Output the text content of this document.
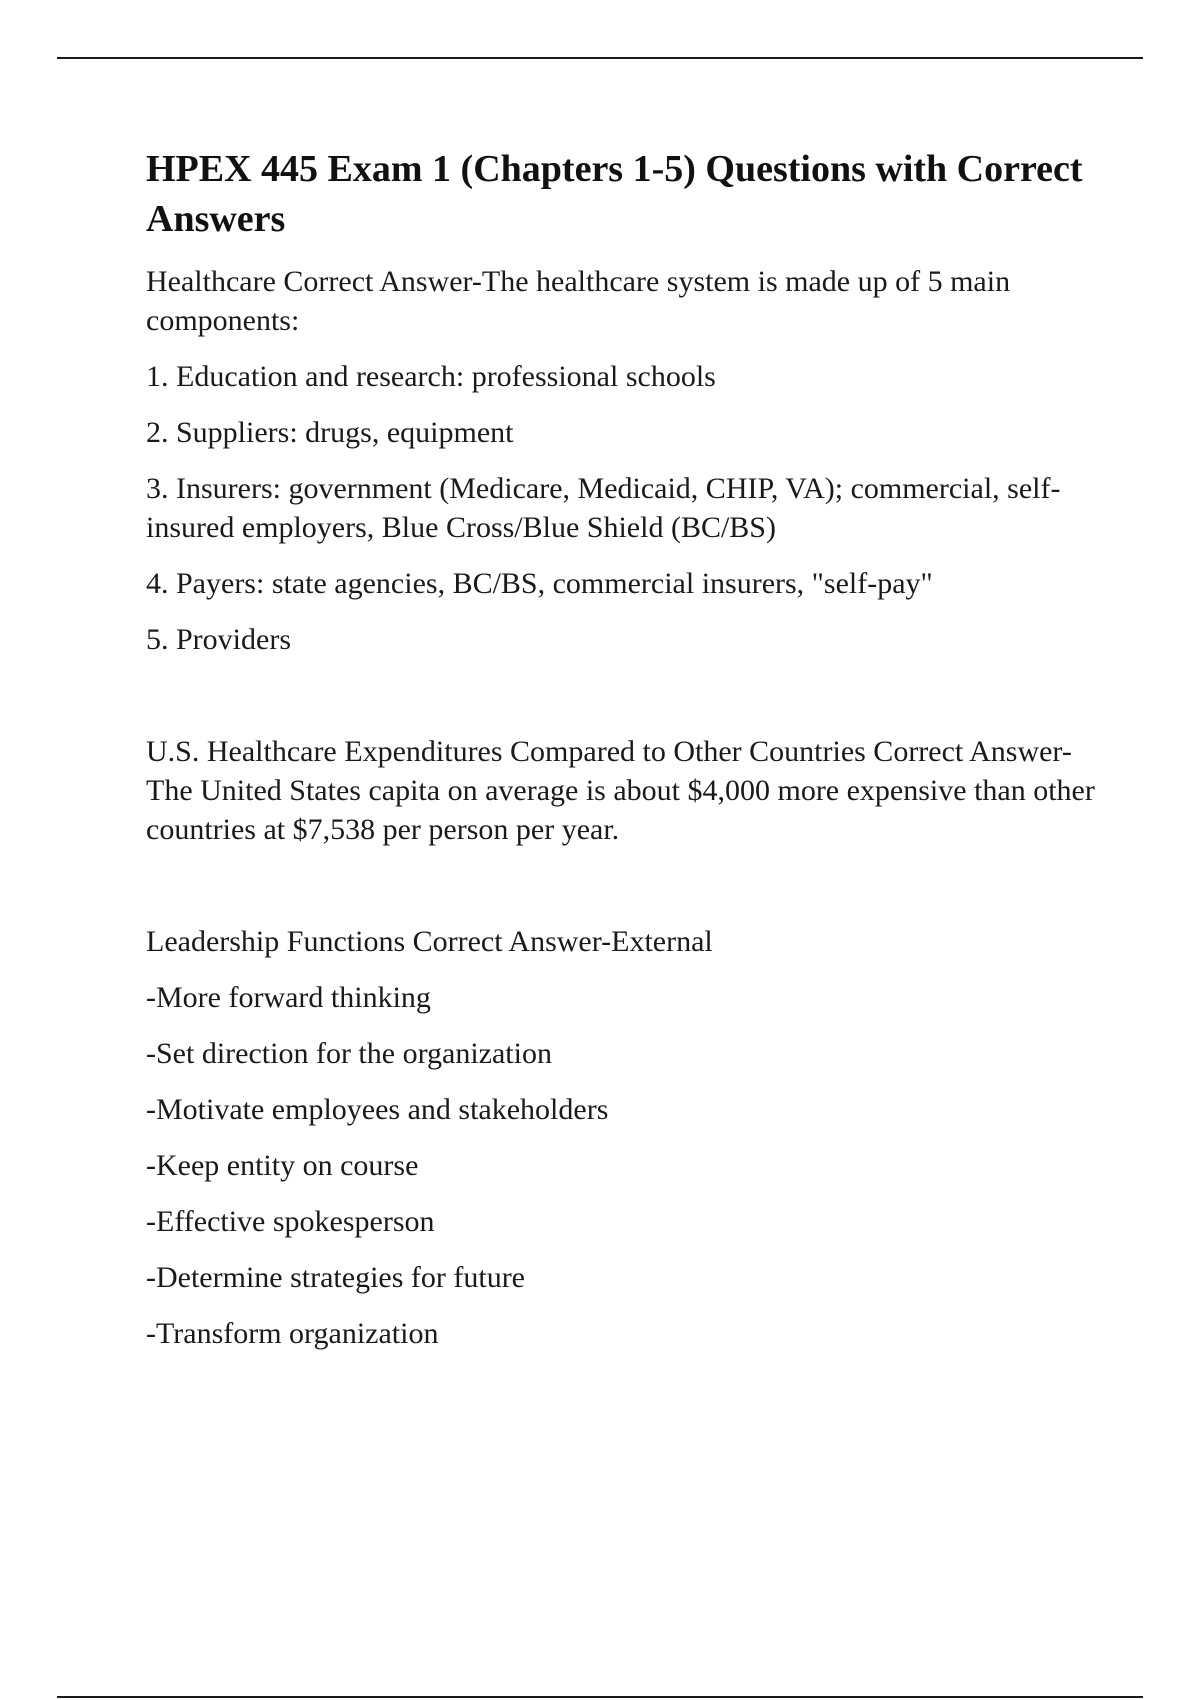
HPEX 445 Exam 1 (Chapters 1-5) Questions with Correct Answers

Healthcare Correct Answer-The healthcare system is made up of 5 main components:

1. Education and research: professional schools

2. Suppliers: drugs, equipment

3. Insurers: government (Medicare, Medicaid, CHIP, VA); commercial, self-insured employers, Blue Cross/Blue Shield (BC/BS)

4. Payers: state agencies, BC/BS, commercial insurers, "self-pay"

5. Providers

U.S. Healthcare Expenditures Compared to Other Countries Correct Answer-The United States capita on average is about $4,000 more expensive than other countries at $7,538 per person per year.

Leadership Functions Correct Answer-External

-More forward thinking

-Set direction for the organization

-Motivate employees and stakeholders

-Keep entity on course

-Effective spokesperson

-Determine strategies for future

-Transform organization
